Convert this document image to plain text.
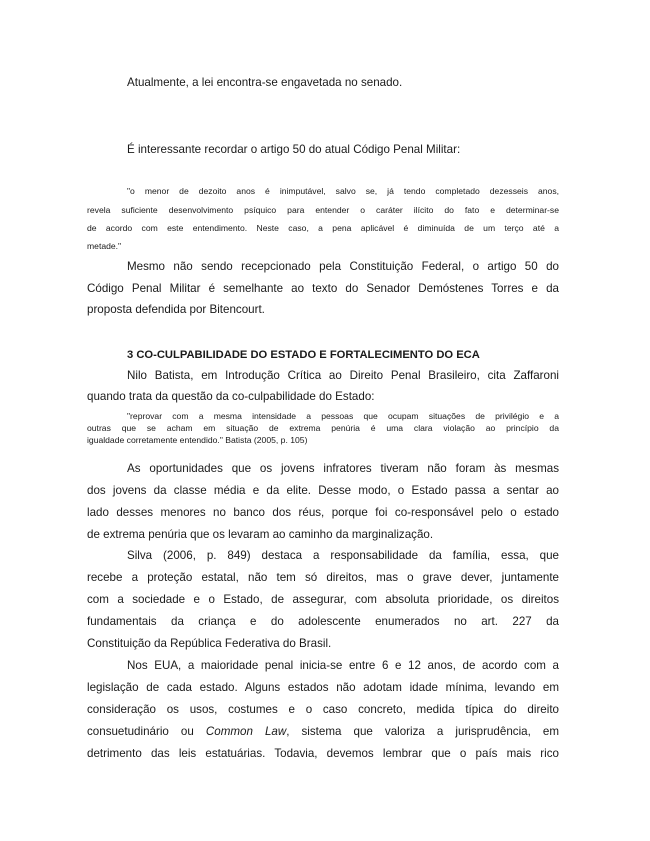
Atualmente, a lei encontra-se engavetada no senado.
É interessante recordar o artigo 50 do atual Código Penal Militar:
"o menor de dezoito anos é inimputável, salvo se, já tendo completado dezesseis anos,
revela suficiente desenvolvimento psíquico para entender o caráter ilícito do fato e determinar-se
de acordo com este entendimento. Neste caso, a pena aplicável é diminuída de um terço até a
metade."
Mesmo não sendo recepcionado pela Constituição Federal, o artigo 50 do
Código Penal Militar é semelhante ao texto do Senador Demóstenes Torres e da
proposta defendida por Bitencourt.
3 CO-CULPABILIDADE DO ESTADO E FORTALECIMENTO DO ECA
Nilo Batista, em Introdução Crítica ao Direito Penal Brasileiro, cita Zaffaroni
quando trata da questão da co-culpabilidade do Estado:
"reprovar com a mesma intensidade a pessoas que ocupam situações de privilégio e a
outras que se acham em situação de extrema penúria é uma clara violação ao princípio da
igualdade corretamente entendido." Batista (2005, p. 105)
As oportunidades que os jovens infratores tiveram não foram às mesmas
dos jovens da classe média e da elite. Desse modo, o Estado passa a sentar ao
lado desses menores no banco dos réus, porque foi co-responsável pelo o estado
de extrema penúria que os levaram ao caminho da marginalização.
Silva (2006, p. 849) destaca a responsabilidade da família, essa, que
recebe a proteção estatal, não tem só direitos, mas o grave dever, juntamente
com a sociedade e o Estado, de assegurar, com absoluta prioridade, os direitos
fundamentais da criança e do adolescente enumerados no art. 227 da
Constituição da República Federativa do Brasil.
Nos EUA, a maioridade penal inicia-se entre 6 e 12 anos, de acordo com a
legislação de cada estado. Alguns estados não adotam idade mínima, levando em
consideração os usos, costumes e o caso concreto, medida típica do direito
consuetudinário ou Common Law, sistema que valoriza a jurisprudência, em
detrimento das leis estatuárias. Todavia, devemos lembrar que o país mais rico
